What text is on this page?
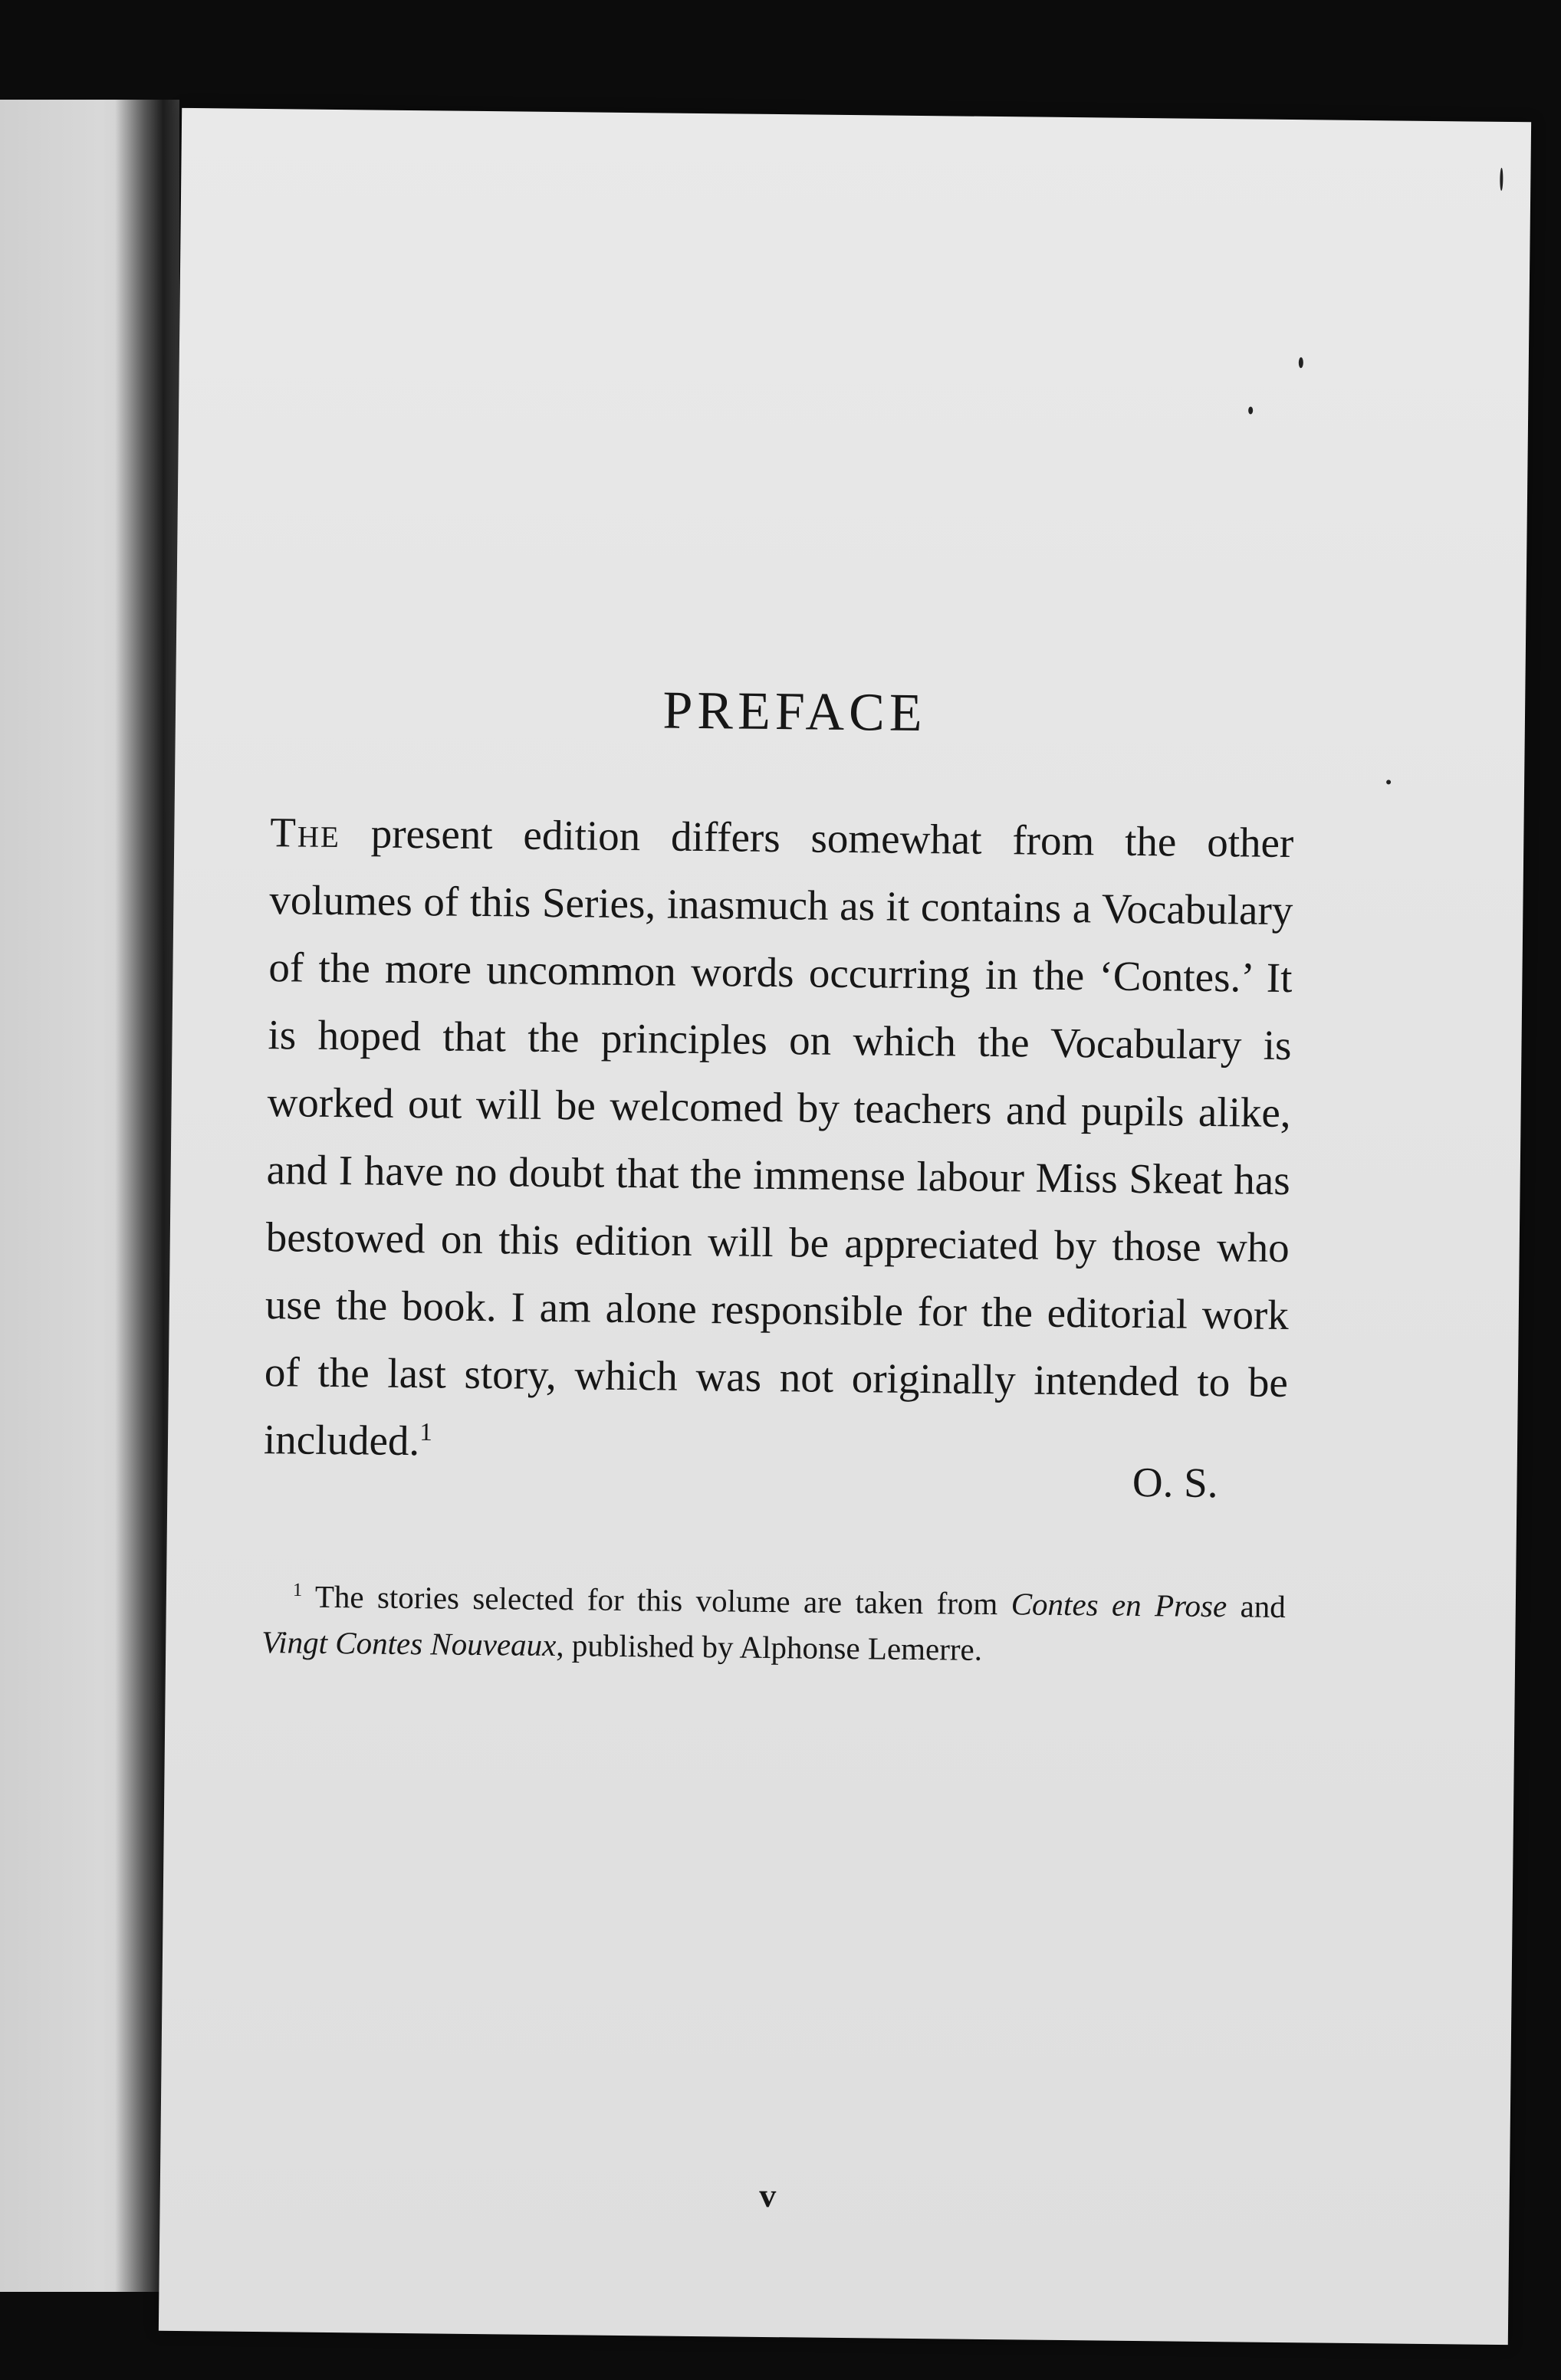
PREFACE

The present edition differs somewhat from the other volumes of this Series, inasmuch as it contains a Vocabulary of the more uncommon words occurring in the ‘Contes.’ It is hoped that the principles on which the Vocabulary is worked out will be welcomed by teachers and pupils alike, and I have no doubt that the immense labour Miss Skeat has bestowed on this edition will be appreciated by those who use the book. I am alone responsible for the editorial work of the last story, which was not originally intended to be included.$^1$

O. S.
$^1$ The stories selected for this volume are taken from Contes en Prose and Vingt Contes Nouveaux, published by Alphonse Lemerre.
v
